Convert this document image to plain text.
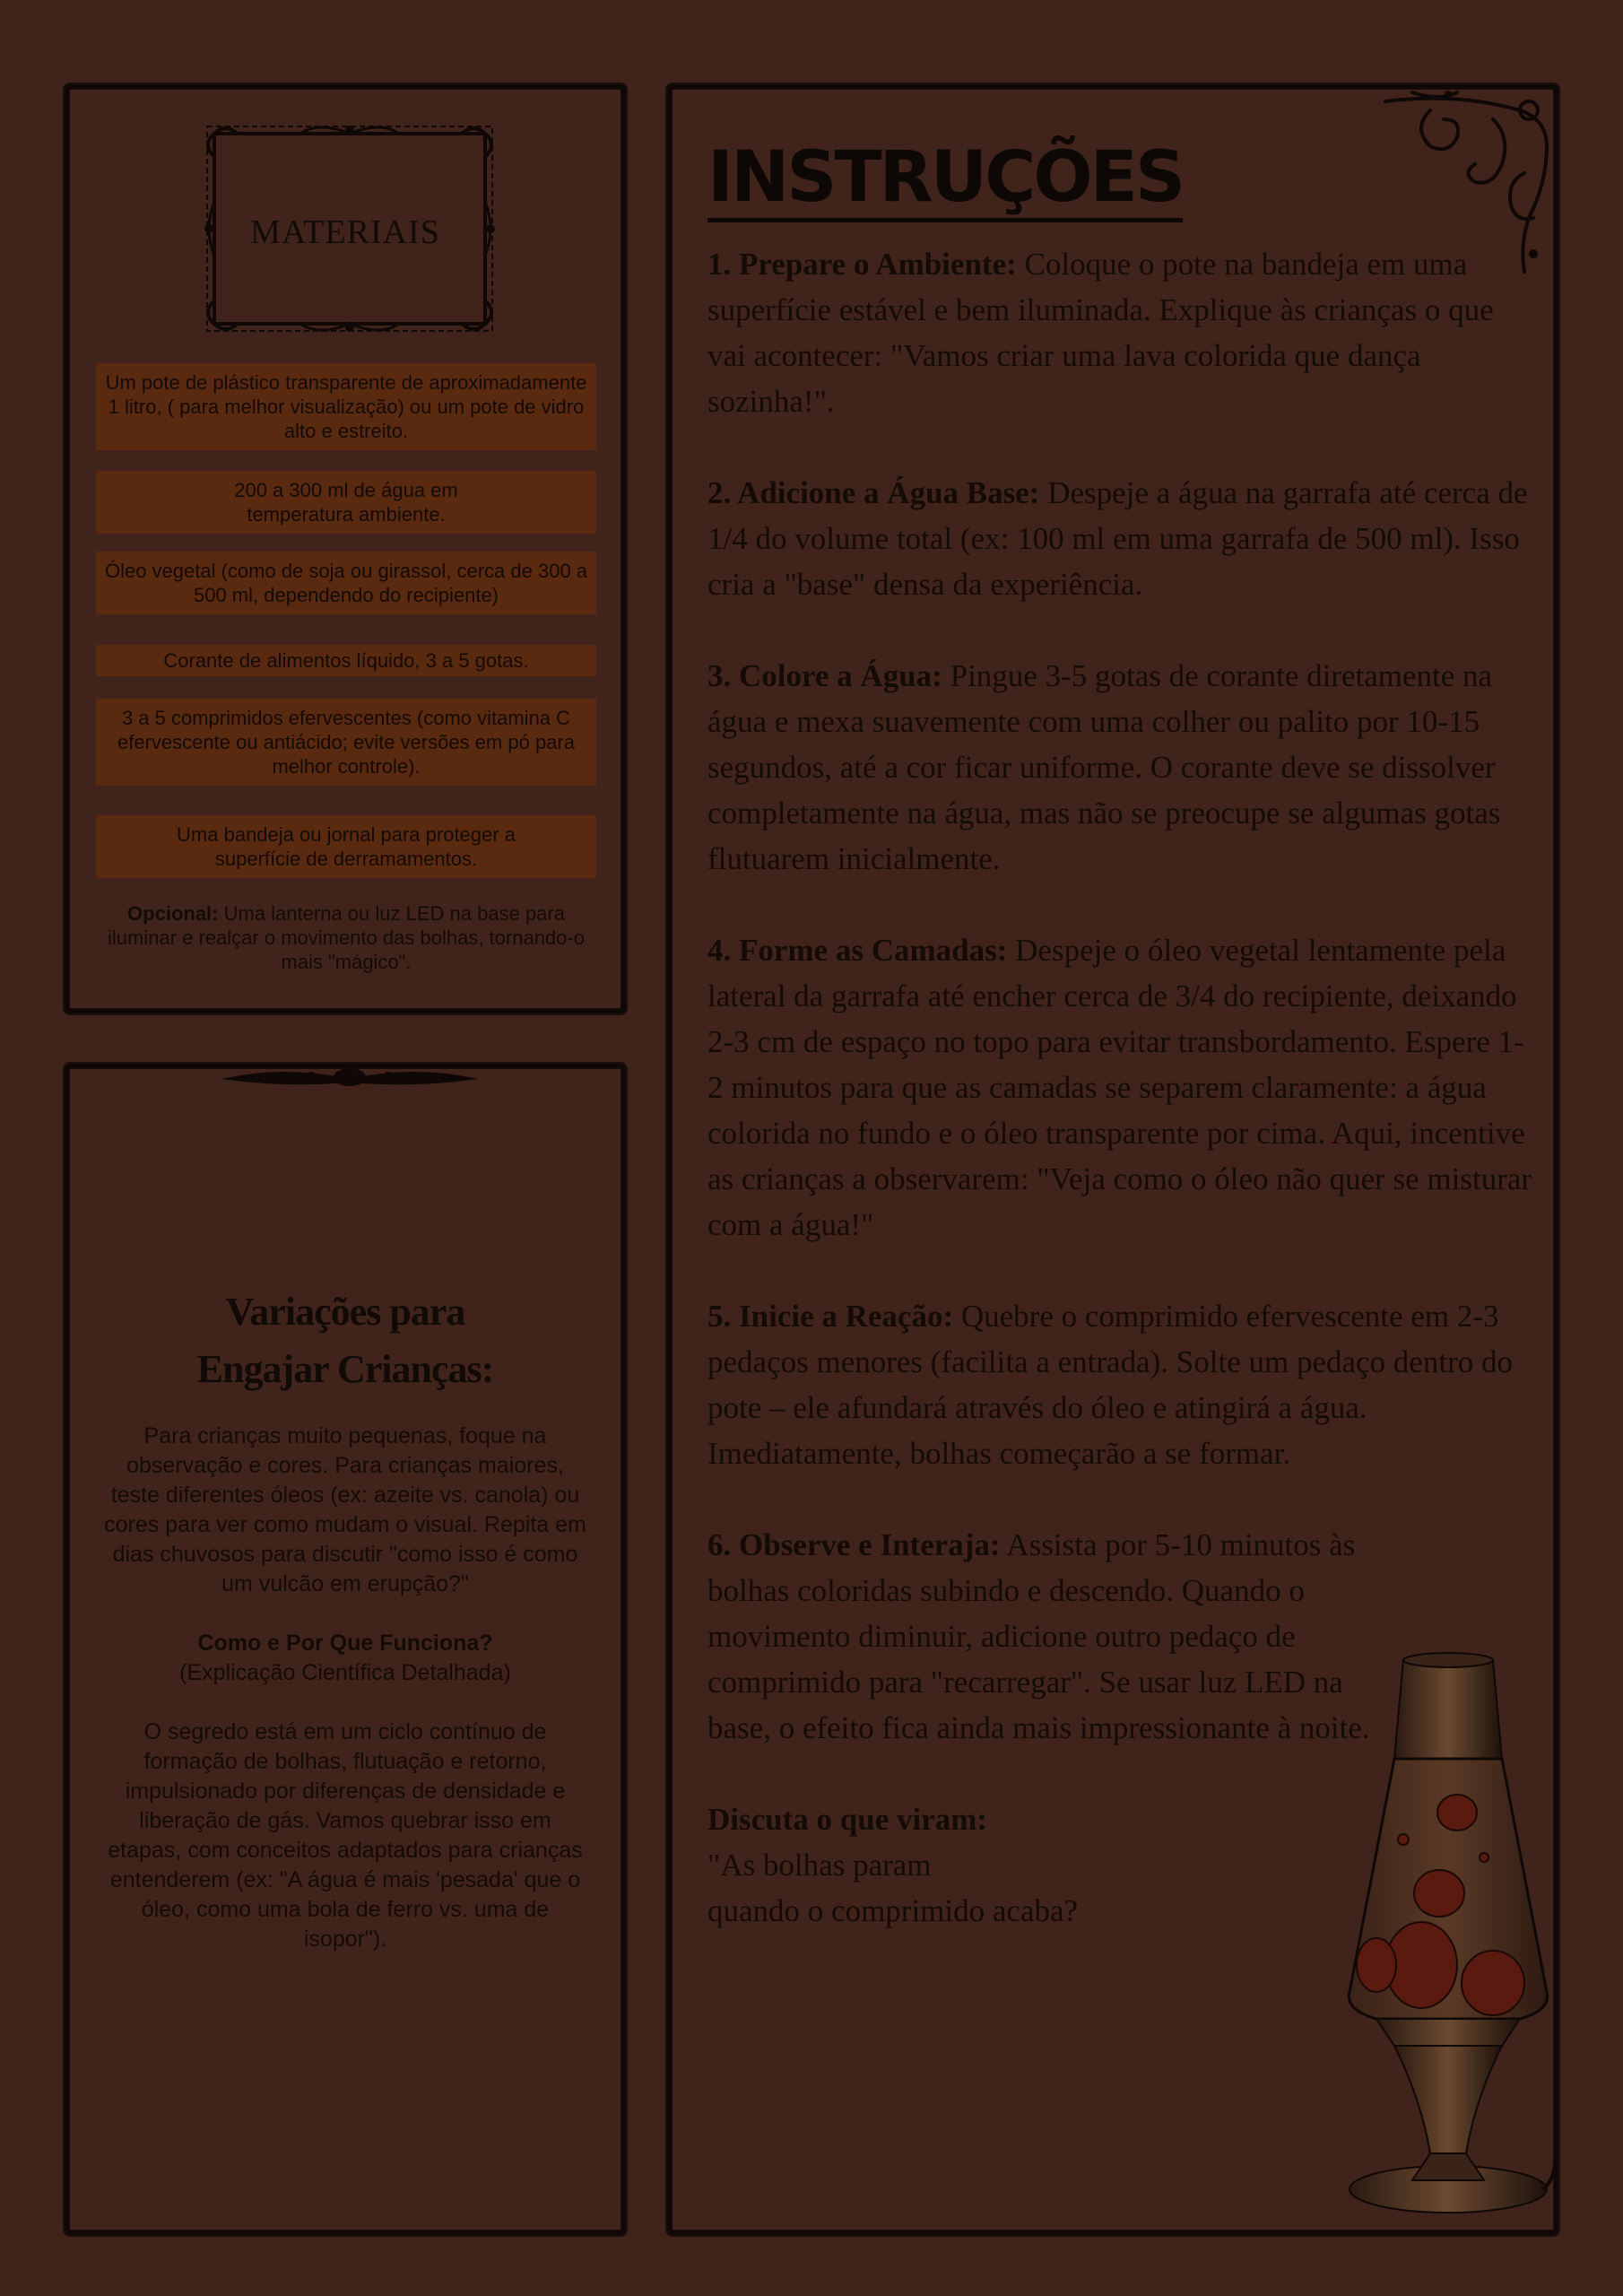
MATERIAIS
Um pote de plástico transparente de aproximadamente 1 litro, ( para melhor visualização) ou um pote de vidro alto e estreito.
200 a 300 ml de água em temperatura ambiente.
Óleo vegetal (como de soja ou girassol, cerca de 300 a 500 ml, dependendo do recipiente)
Corante de alimentos líquido, 3 a 5 gotas.
3 a 5 comprimidos efervescentes (como vitamina C efervescente ou antiácido; evite versões em pó para melhor controle).
Uma bandeja ou jornal para proteger a superfície de derramamentos.
Opcional: Uma lanterna ou luz LED na base para iluminar e realçar o movimento das bolhas, tornando-o mais "mágico".
Variações para Engajar Crianças:

Para crianças muito pequenas, foque na observação e cores. Para crianças maiores, teste diferentes óleos (ex: azeite vs. canola) ou cores para ver como mudam o visual. Repita em dias chuvosos para discutir "como isso é como um vulcão em erupção?"

Como e Por Que Funciona?

(Explicação Científica Detalhada)

O segredo está em um ciclo contínuo de formação de bolhas, flutuação e retorno, impulsionado por diferenças de densidade e liberação de gás. Vamos quebrar isso em etapas, com conceitos adaptados para crianças entenderem (ex: "A água é mais 'pesada' que o óleo, como uma bola de ferro vs. uma de isopor").

INSTRUÇÕES

1. Prepare o Ambiente: Coloque o pote na bandeja em uma superfície estável e bem iluminada. Explique às crianças o que vai acontecer: "Vamos criar uma lava colorida que dança sozinha!".

2. Adicione a Água Base: Despeje a água na garrafa até cerca de 1/4 do volume total (ex: 100 ml em uma garrafa de 500 ml). Isso cria a "base" densa da experiência.

3. Colore a Água: Pingue 3-5 gotas de corante diretamente na água e mexa suavemente com uma colher ou palito por 10-15 segundos, até a cor ficar uniforme. O corante deve se dissolver completamente na água, mas não se preocupe se algumas gotas flutuarem inicialmente.

4. Forme as Camadas: Despeje o óleo vegetal lentamente pela lateral da garrafa até encher cerca de 3/4 do recipiente, deixando 2-3 cm de espaço no topo para evitar transbordamento. Espere 1-2 minutos para que as camadas se separem claramente: a água colorida no fundo e o óleo transparente por cima. Aqui, incentive as crianças a observarem: "Veja como o óleo não quer se misturar com a água!"

5. Inicie a Reação: Quebre o comprimido efervescente em 2-3 pedaços menores (facilita a entrada). Solte um pedaço dentro do pote – ele afundará através do óleo e atingirá a água. Imediatamente, bolhas começarão a se formar.

6. Observe e Interaja: Assista por 5-10 minutos às bolhas coloridas subindo e descendo. Quando o movimento diminuir, adicione outro pedaço de comprimido para "recarregar". Se usar luz LED na base, o efeito fica ainda mais impressionante à noite.

Discuta o que viram:
"As bolhas param
quando o comprimido acaba?
